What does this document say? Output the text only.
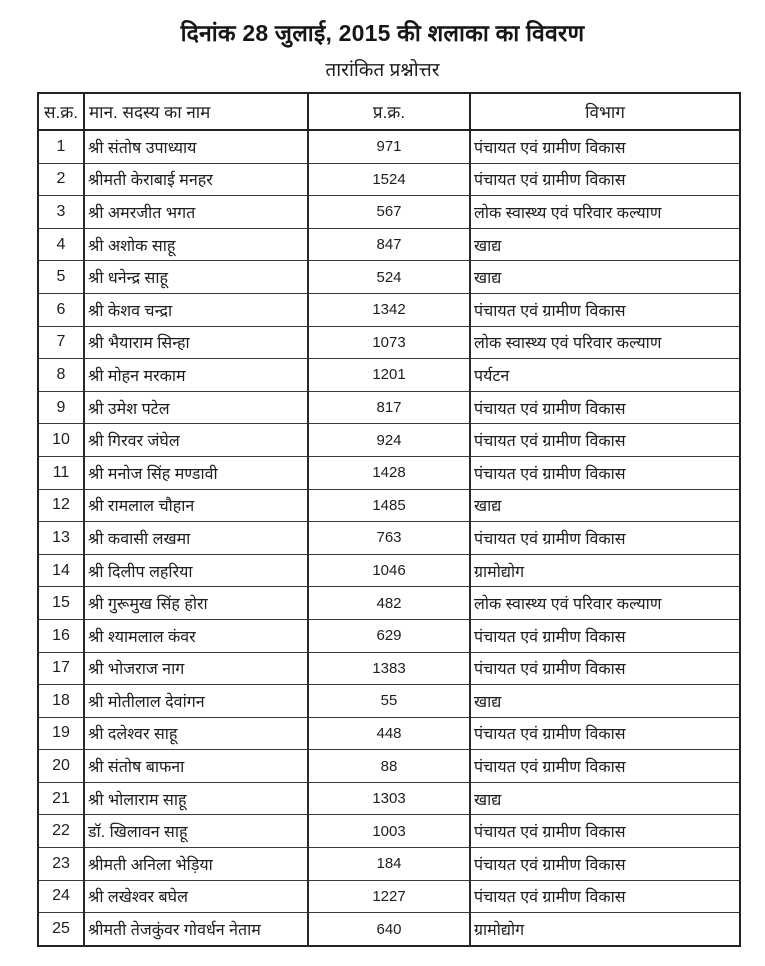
दिनांक 28 जुलाई, 2015 की शलाका का विवरण
तारांकित प्रश्नोत्तर
स.क्र.	मान. सदस्य का नाम	प्र.क्र.	विभाग
1	श्री संतोष उपाध्याय	971	पंचायत एवं ग्रामीण विकास
2	श्रीमती केराबाई मनहर	1524	पंचायत एवं ग्रामीण विकास
3	श्री अमरजीत भगत	567	लोक स्वास्थ्य एवं परिवार कल्याण
4	श्री अशोक साहू	847	खाद्य
5	श्री धनेन्द्र साहू	524	खाद्य
6	श्री केशव चन्द्रा	1342	पंचायत एवं ग्रामीण विकास
7	श्री भैयाराम सिन्हा	1073	लोक स्वास्थ्य एवं परिवार कल्याण
8	श्री मोहन मरकाम	1201	पर्यटन
9	श्री उमेश पटेल	817	पंचायत एवं ग्रामीण विकास
10	श्री गिरवर जंघेल	924	पंचायत एवं ग्रामीण विकास
11	श्री मनोज सिंह मण्डावी	1428	पंचायत एवं ग्रामीण विकास
12	श्री रामलाल चौहान	1485	खाद्य
13	श्री कवासी लखमा	763	पंचायत एवं ग्रामीण विकास
14	श्री दिलीप लहरिया	1046	ग्रामोद्योग
15	श्री गुरूमुख सिंह होरा	482	लोक स्वास्थ्य एवं परिवार कल्याण
16	श्री श्यामलाल कंवर	629	पंचायत एवं ग्रामीण विकास
17	श्री भोजराज नाग	1383	पंचायत एवं ग्रामीण विकास
18	श्री मोतीलाल देवांगन	55	खाद्य
19	श्री दलेश्वर साहू	448	पंचायत एवं ग्रामीण विकास
20	श्री संतोष बाफना	88	पंचायत एवं ग्रामीण विकास
21	श्री भोलाराम साहू	1303	खाद्य
22	डॉ. खिलावन साहू	1003	पंचायत एवं ग्रामीण विकास
23	श्रीमती अनिला भेड़िया	184	पंचायत एवं ग्रामीण विकास
24	श्री लखेश्वर बघेल	1227	पंचायत एवं ग्रामीण विकास
25	श्रीमती तेजकुंवर गोवर्धन नेताम	640	ग्रामोद्योग
